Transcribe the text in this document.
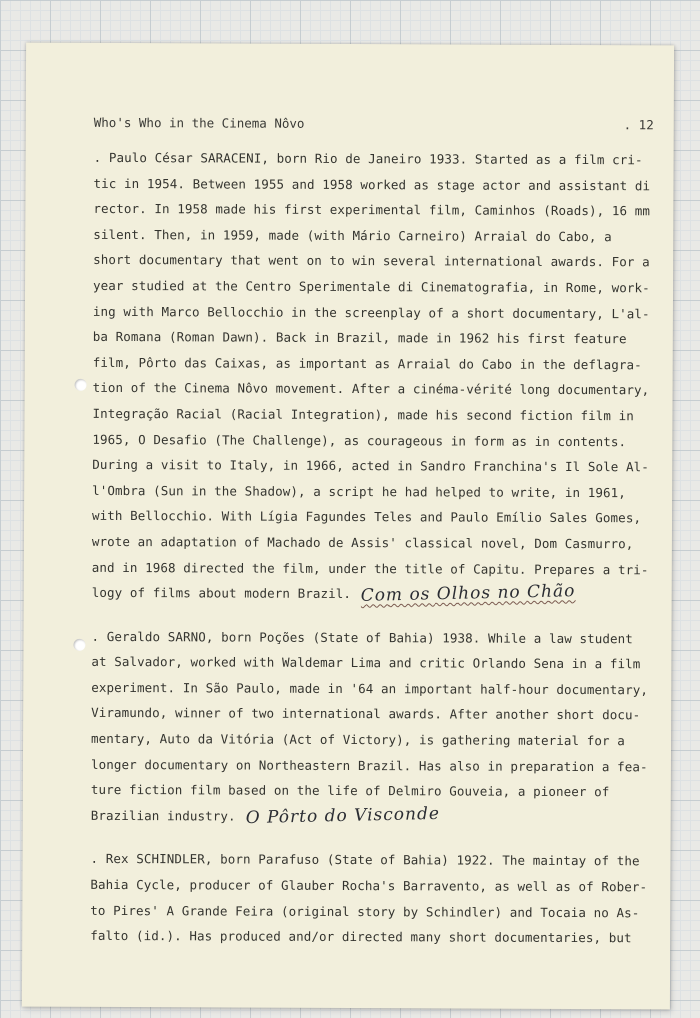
Who's Who in the Cinema Nôvo	. 12
. Paulo César SARACENI, born Rio de Janeiro 1933. Started as a film cri-
tic in 1954. Between 1955 and 1958 worked as stage actor and assistant di
rector. In 1958 made his first experimental film, Caminhos (Roads), 16 mm
silent. Then, in 1959, made (with Mário Carneiro) Arraial do Cabo, a
short documentary that went on to win several international awards. For a
year studied at the Centro Sperimentale di Cinematografia, in Rome, work-
ing with Marco Bellocchio in the screenplay of a short documentary, L'al-
ba Romana (Roman Dawn). Back in Brazil, made in 1962 his first feature
film, Pôrto das Caixas, as important as Arraial do Cabo in the deflagra-
tion of the Cinema Nôvo movement. After a cinéma-vérité long documentary,
Integração Racial (Racial Integration), made his second fiction film in
1965, O Desafio (The Challenge), as courageous in form as in contents.
During a visit to Italy, in 1966, acted in Sandro Franchina's Il Sole Al-
l'Ombra (Sun in the Shadow), a script he had helped to write, in 1961,
with Bellocchio. With Lígia Fagundes Teles and Paulo Emílio Sales Gomes,
wrote an adaptation of Machado de Assis' classical novel, Dom Casmurro,
and in 1968 directed the film, under the title of Capitu. Prepares a tri-
logy of films about modern Brazil. Com os Olhos no Chão
. Geraldo SARNO, born Poções (State of Bahia) 1938. While a law student
at Salvador, worked with Waldemar Lima and critic Orlando Sena in a film
experiment. In São Paulo, made in '64 an important half-hour documentary,
Viramundo, winner of two international awards. After another short docu-
mentary, Auto da Vitória (Act of Victory), is gathering material for a
longer documentary on Northeastern Brazil. Has also in preparation a fea-
ture fiction film based on the life of Delmiro Gouveia, a pioneer of
Brazilian industry. O Pôrto do Visconde
. Rex SCHINDLER, born Parafuso (State of Bahia) 1922. The maintay of the
Bahia Cycle, producer of Glauber Rocha's Barravento, as well as of Rober-
to Pires' A Grande Feira (original story by Schindler) and Tocaia no As-
falto (id.). Has produced and/or directed many short documentaries, but
